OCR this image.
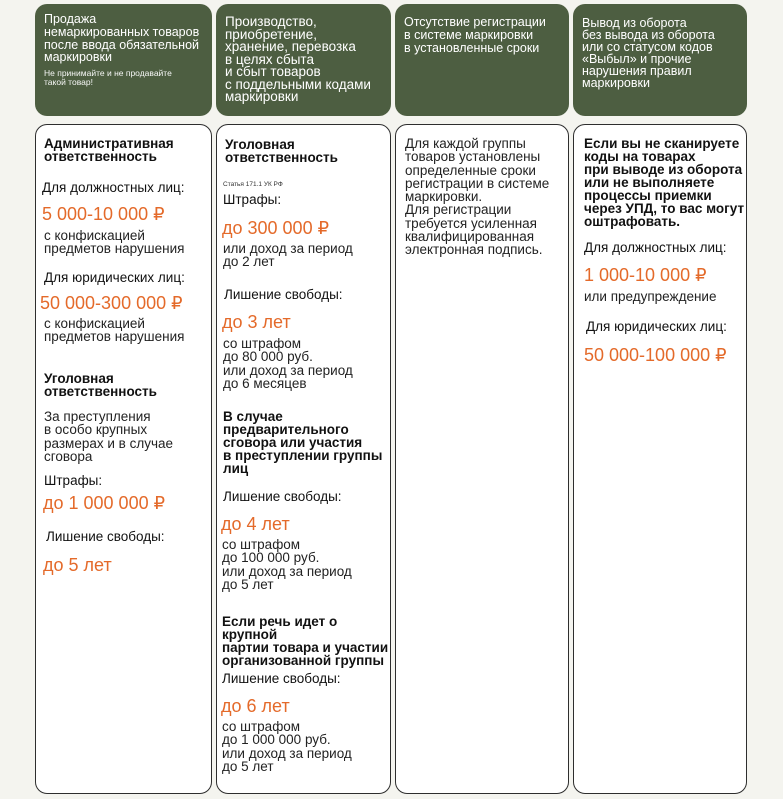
Продажа
немаркированных товаров
после ввода обязательной
маркировки
Не принимайте и не продавайте
такой товар!
Производство,
приобретение,
хранение, перевозка
в целях сбыта
и сбыт товаров
с поддельными кодами
маркировки
Отсутствие регистрации
в системе маркировки
в установленные сроки
Вывод из оборота
без вывода из оборота
или со статусом кодов
«Выбыл» и прочие
нарушения правил
маркировки

Административная
ответственность

Для должностных лиц:

5 000-10 000 ₽

с конфискацией
предметов нарушения

Для юридических лиц:

50 000-300 000 ₽

с конфискацией
предметов нарушения

Уголовная
ответственность

За преступления
в особо крупных
размерах и в случае
сговора

Штрафы:

до 1 000 000 ₽

Лишение свободы:

до 5 лет

Уголовная
ответственность

Статья 171.1 УК РФ

Штрафы:

до 300 000 ₽

или доход за период
до 2 лет

Лишение свободы:

до 3 лет

со штрафом
до 80 000 руб.
или доход за период
до 6 месяцев

В случае
предварительного
сговора или участия
в преступлении группы
лиц

Лишение свободы:

до 4 лет

со штрафом
до 100 000 руб.
или доход за период
до 5 лет

Если речь идет о крупной
партии товара и участии
организованной группы

Лишение свободы:

до 6 лет

со штрафом
до 1 000 000 руб.
или доход за период
до 5 лет

Для каждой группы
товаров установлены
определенные сроки
регистрации в системе
маркировки.
Для регистрации
требуется усиленная
квалифицированная
электронная подпись.

Если вы не сканируете
коды на товарах
при выводе из оборота
или не выполняете
процессы приемки
через УПД, то вас могут
оштрафовать.

Для должностных лиц:

1 000-10 000 ₽

или предупреждение

Для юридических лиц:

50 000-100 000 ₽
